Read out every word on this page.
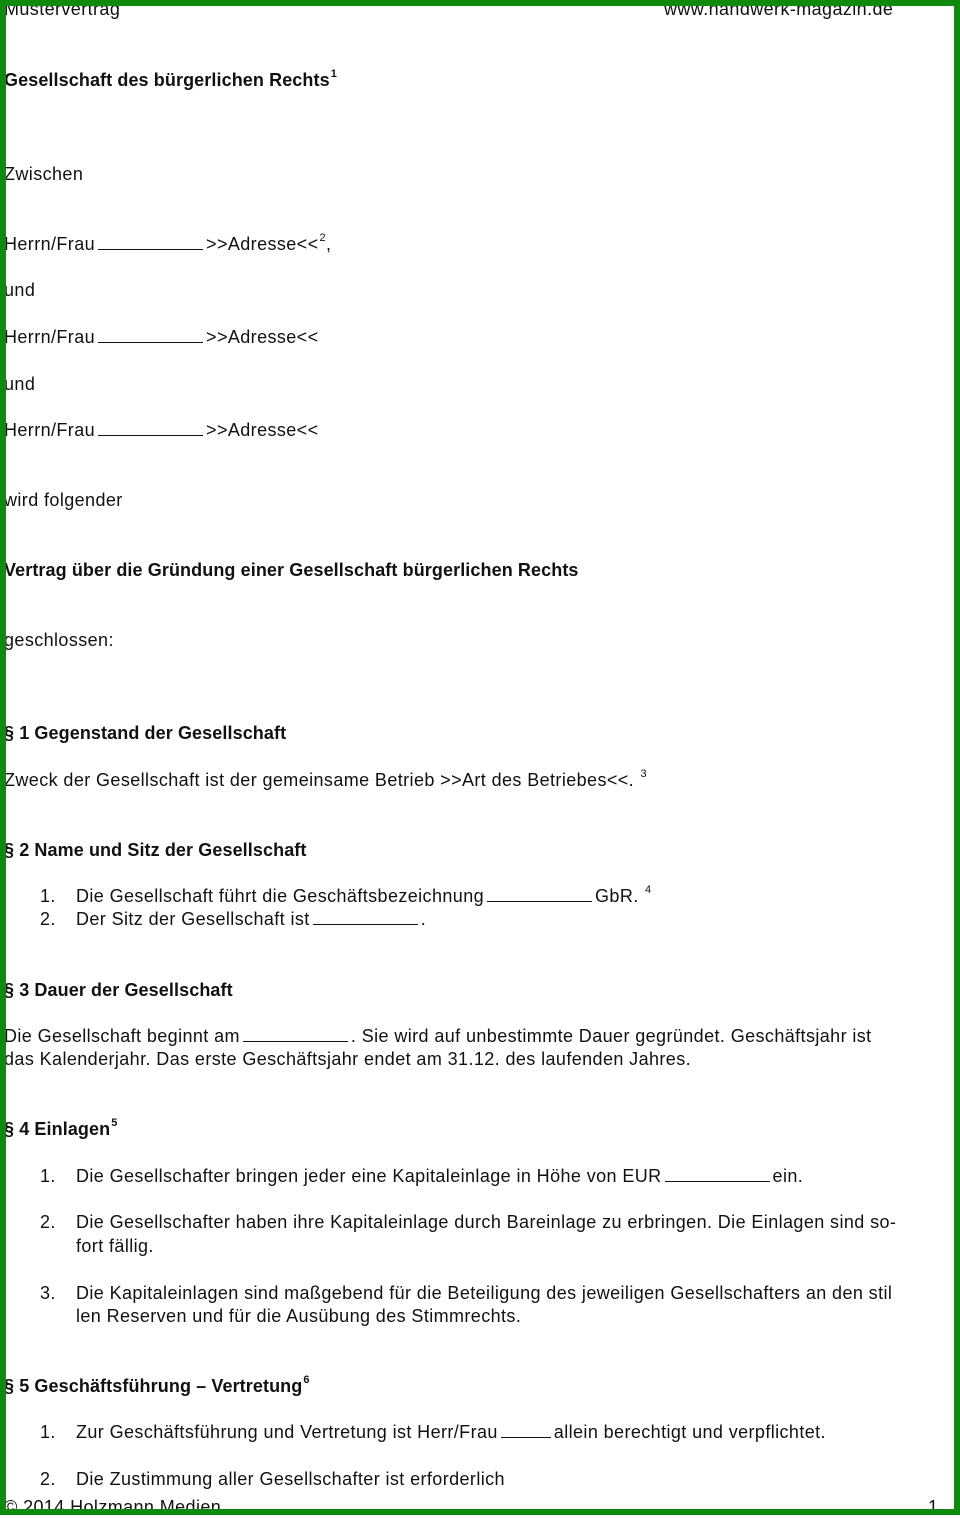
Mustervertrag	www.handwerk-magazin.de
Gesellschaft des bürgerlichen Rechts$^1$
Zwischen
Herrn/Frau	>>Adresse<<$^2$,
und
Herrn/Frau	>>Adresse<<
und
Herrn/Frau	>>Adresse<<
wird folgender
Vertrag über die Gründung einer Gesellschaft bürgerlichen Rechts
geschlossen:
§ 1 Gegenstand der Gesellschaft
Zweck der Gesellschaft ist der gemeinsame Betrieb >>Art des Betriebes<<. $^3$
§ 2 Name und Sitz der Gesellschaft
1. Die Gesellschaft führt die Geschäftsbezeichnung	GbR. $^4$
2. Der Sitz der Gesellschaft ist	.
§ 3 Dauer der Gesellschaft
Die Gesellschaft beginnt am	. Sie wird auf unbestimmte Dauer gegründet. Geschäftsjahr ist
das Kalenderjahr. Das erste Geschäftsjahr endet am 31.12. des laufenden Jahres.
§ 4 Einlagen$^5$
1. Die Gesellschafter bringen jeder eine Kapitaleinlage in Höhe von EUR	ein.
2. Die Gesellschafter haben ihre Kapitaleinlage durch Bareinlage zu erbringen. Die Einlagen sind so-
fort fällig.
3. Die Kapitaleinlagen sind maßgebend für die Beteiligung des jeweiligen Gesellschafters an den stil
len Reserven und für die Ausübung des Stimmrechts.
§ 5 Geschäftsführung – Vertretung$^6$
1. Zur Geschäftsführung und Vertretung ist Herr/Frau	allein berechtigt und verpflichtet.
2. Die Zustimmung aller Gesellschafter ist erforderlich
© 2014 Holzmann Medien	1
